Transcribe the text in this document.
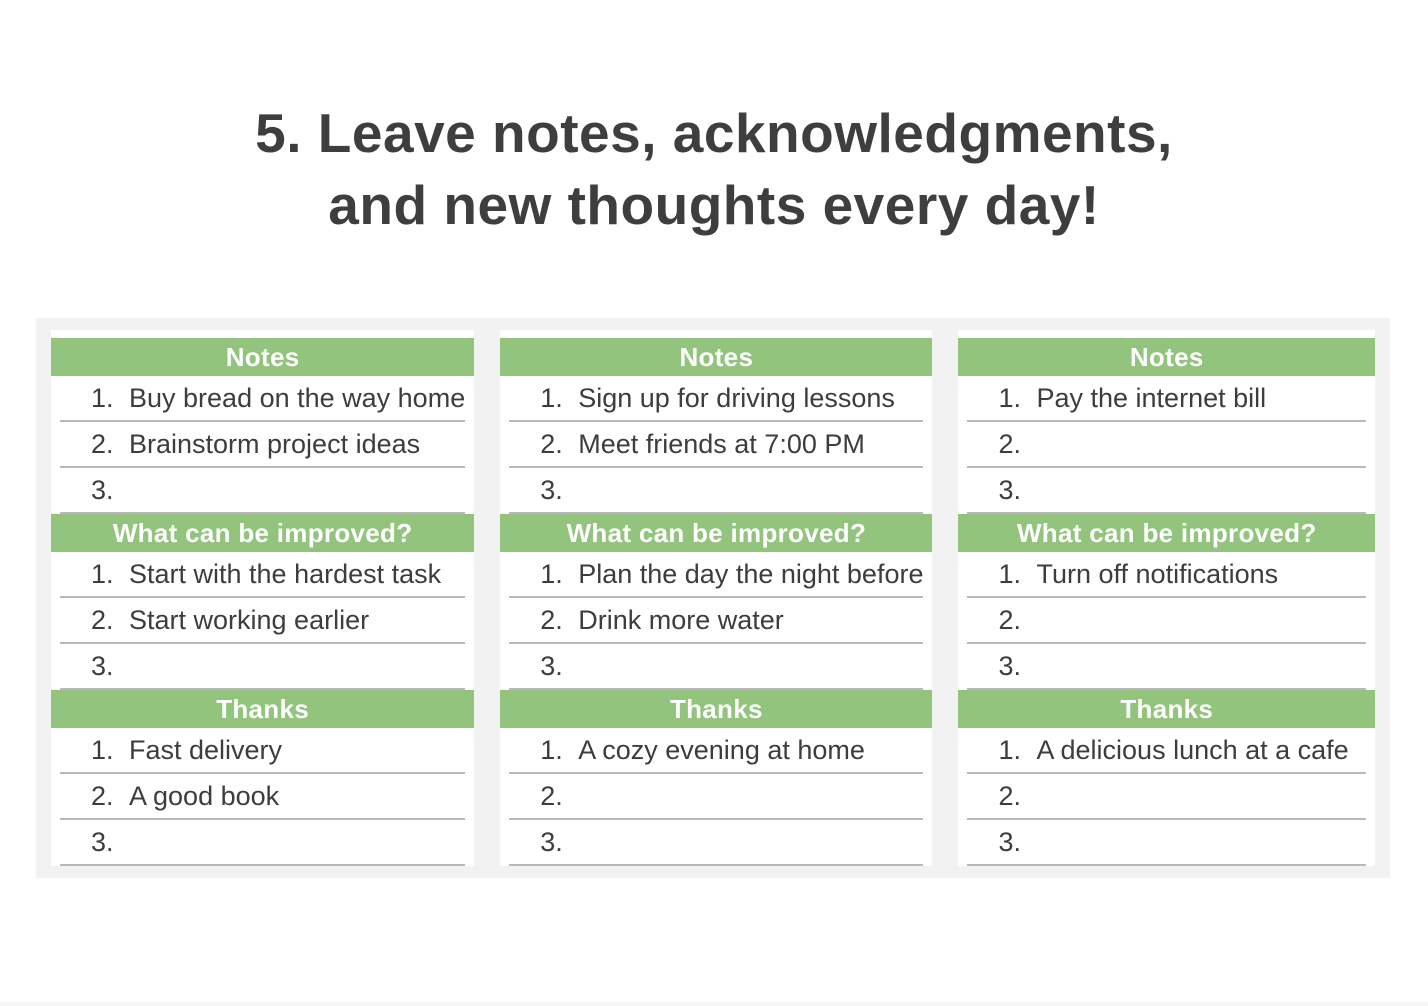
5. Leave notes, acknowledgments,
and new thoughts every day!
Notes
1. Buy bread on the way home
2. Brainstorm project ideas
3.
What can be improved?
1. Start with the hardest task
2. Start working earlier
3.
Thanks
1. Fast delivery
2. A good book
3.
Notes
1. Sign up for driving lessons
2. Meet friends at 7:00 PM
3.
What can be improved?
1. Plan the day the night before
2. Drink more water
3.
Thanks
1. A cozy evening at home
2.
3.
Notes
1. Pay the internet bill
2.
3.
What can be improved?
1. Turn off notifications
2.
3.
Thanks
1. A delicious lunch at a cafe
2.
3.
